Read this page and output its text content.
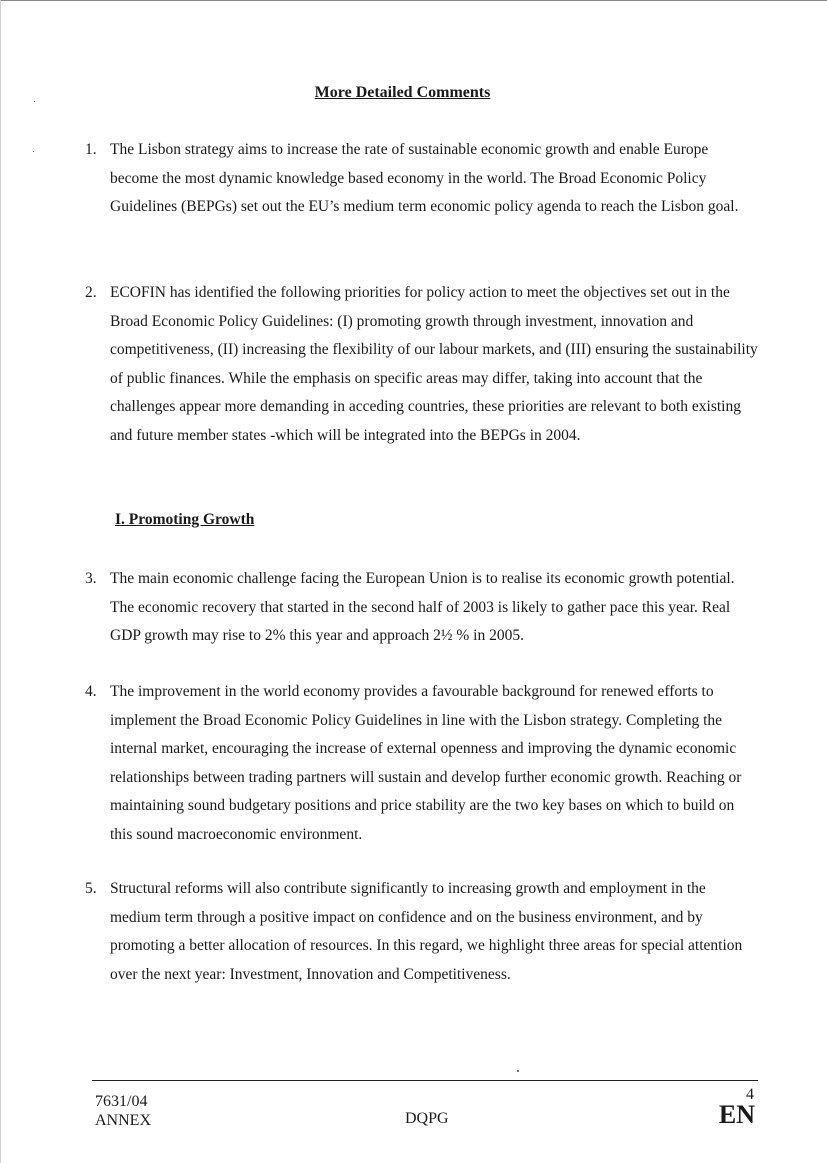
More Detailed Comments
1. The Lisbon strategy aims to increase the rate of sustainable economic growth and enable Europe become the most dynamic knowledge based economy in the world. The Broad Economic Policy Guidelines (BEPGs) set out the EU’s medium term economic policy agenda to reach the Lisbon goal.
2. ECOFIN has identified the following priorities for policy action to meet the objectives set out in the Broad Economic Policy Guidelines: (I) promoting growth through investment, innovation and competitiveness, (II) increasing the flexibility of our labour markets, and (III) ensuring the sustainability of public finances. While the emphasis on specific areas may differ, taking into account that the challenges appear more demanding in acceding countries, these priorities are relevant to both existing and future member states -which will be integrated into the BEPGs in 2004.
I. Promoting Growth
3. The main economic challenge facing the European Union is to realise its economic growth potential. The economic recovery that started in the second half of 2003 is likely to gather pace this year. Real GDP growth may rise to 2% this year and approach 2½ % in 2005.
4. The improvement in the world economy provides a favourable background for renewed efforts to implement the Broad Economic Policy Guidelines in line with the Lisbon strategy. Completing the internal market, encouraging the increase of external openness and improving the dynamic economic relationships between trading partners will sustain and develop further economic growth. Reaching or maintaining sound budgetary positions and price stability are the two key bases on which to build on this sound macroeconomic environment.
5. Structural reforms will also contribute significantly to increasing growth and employment in the medium term through a positive impact on confidence and on the business environment, and by promoting a better allocation of resources. In this regard, we highlight three areas for special attention over the next year: Investment, Innovation and Competitiveness.
7631/04
ANNEX	DQPG
4
EN
